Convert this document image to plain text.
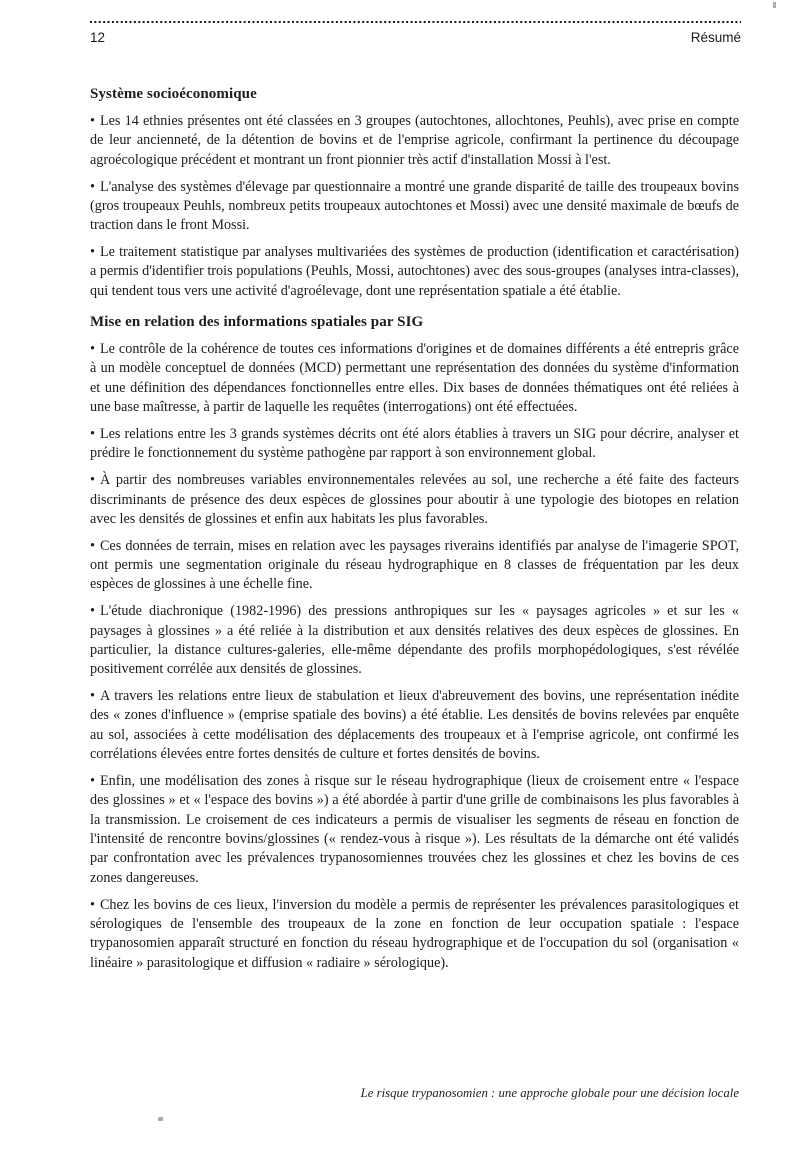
12	Résumé
Système socioéconomique

• Les 14 ethnies présentes ont été classées en 3 groupes (autochtones, allochtones, Peuhls), avec prise en compte de leur ancienneté, de la détention de bovins et de l'emprise agricole, confirmant la pertinence du découpage agroécologique précédent et montrant un front pionnier très actif d'installation Mossi à l'est.

• L'analyse des systèmes d'élevage par questionnaire a montré une grande disparité de taille des troupeaux bovins (gros troupeaux Peuhls, nombreux petits troupeaux autochtones et Mossi) avec une densité maximale de bœufs de traction dans le front Mossi.

• Le traitement statistique par analyses multivariées des systèmes de production (identification et caractérisation) a permis d'identifier trois populations (Peuhls, Mossi, autochtones) avec des sous-groupes (analyses intra-classes), qui tendent tous vers une activité d'agroélevage, dont une représentation spatiale a été établie.

Mise en relation des informations spatiales par SIG

• Le contrôle de la cohérence de toutes ces informations d'origines et de domaines différents a été entrepris grâce à un modèle conceptuel de données (MCD) permettant une représentation des données du système d'information et une définition des dépendances fonctionnelles entre elles. Dix bases de données thématiques ont été reliées à une base maîtresse, à partir de laquelle les requêtes (interrogations) ont été effectuées.

• Les relations entre les 3 grands systèmes décrits ont été alors établies à travers un SIG pour décrire, analyser et prédire le fonctionnement du système pathogène par rapport à son environnement global.

• À partir des nombreuses variables environnementales relevées au sol, une recherche a été faite des facteurs discriminants de présence des deux espèces de glossines pour aboutir à une typologie des biotopes en relation avec les densités de glossines et enfin aux habitats les plus favorables.

• Ces données de terrain, mises en relation avec les paysages riverains identifiés par analyse de l'imagerie SPOT, ont permis une segmentation originale du réseau hydrographique en 8 classes de fréquentation par les deux espèces de glossines à une échelle fine.

• L'étude diachronique (1982-1996) des pressions anthropiques sur les « paysages agricoles » et sur les « paysages à glossines » a été reliée à la distribution et aux densités relatives des deux espèces de glossines. En particulier, la distance cultures-galeries, elle-même dépendante des profils morphopédologiques, s'est révélée positivement corrélée aux densités de glossines.

• A travers les relations entre lieux de stabulation et lieux d'abreuvement des bovins, une représentation inédite des « zones d'influence » (emprise spatiale des bovins) a été établie. Les densités de bovins relevées par enquête au sol, associées à cette modélisation des déplacements des troupeaux et à l'emprise agricole, ont confirmé les corrélations élevées entre fortes densités de culture et fortes densités de bovins.

• Enfin, une modélisation des zones à risque sur le réseau hydrographique (lieux de croisement entre « l'espace des glossines » et « l'espace des bovins ») a été abordée à partir d'une grille de combinaisons les plus favorables à la transmission. Le croisement de ces indicateurs a permis de visualiser les segments de réseau en fonction de l'intensité de rencontre bovins/glossines (« rendez-vous à risque »). Les résultats de la démarche ont été validés par confrontation avec les prévalences trypanosomiennes trouvées chez les glossines et chez les bovins de ces zones dangereuses.

• Chez les bovins de ces lieux, l'inversion du modèle a permis de représenter les prévalences parasitologiques et sérologiques de l'ensemble des troupeaux de la zone en fonction de leur occupation spatiale : l'espace trypanosomien apparaît structuré en fonction du réseau hydrographique et de l'occupation du sol (organisation « linéaire » parasitologique et diffusion « radiaire » sérologique).

Le risque trypanosomien : une approche globale pour une décision locale
